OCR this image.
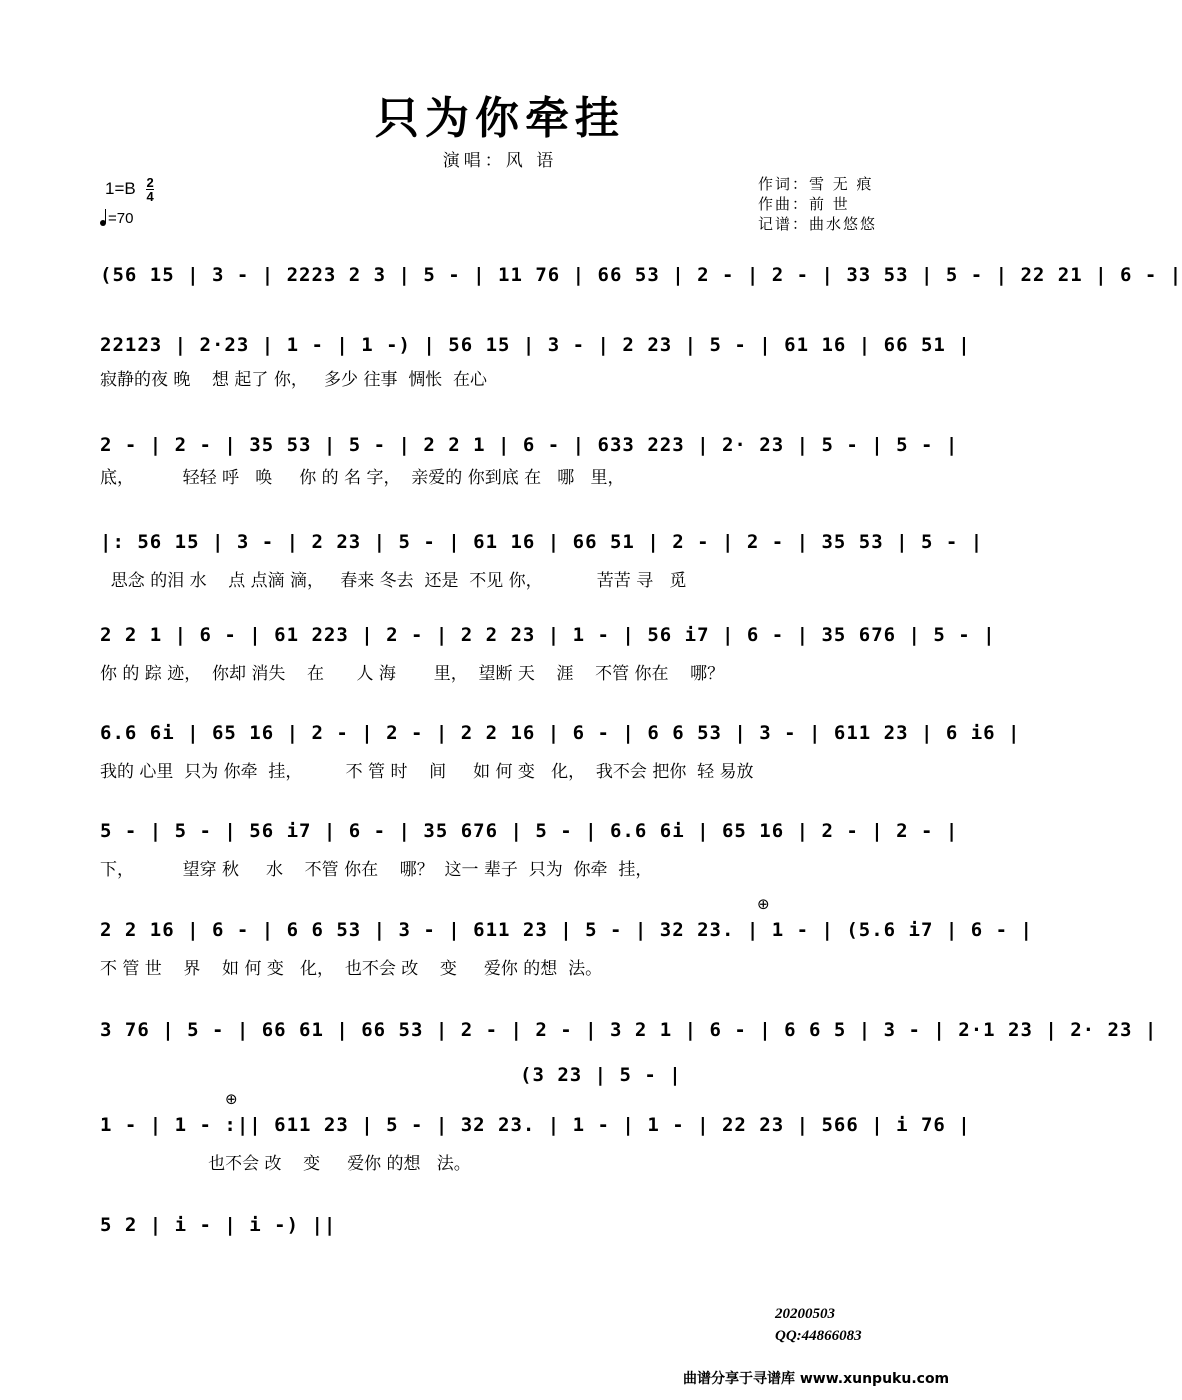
只为你牵挂
演唱：风 语
$1=B \frac{2}{4}$
=70
作词：雪 无 痕
作曲：前 世
记谱：曲水悠悠
(56 15 | 3 - | 2223 2 3 | 5 - | 11 76 | 66 53 | 2 - | 2 - | 33 53 | 5 - | 22 21 | 6 - |
22123 | 2·23 | 1 - | 1 -) | 56 15 | 3 - | 2 23 | 5 - | 61 16 | 66 51 |
寂静的夜 晚    想 起了 你，   多少 往事  惆怅  在心
2 - | 2 - | 35 53 | 5 - | 2 2 1 | 6 - | 633 223 | 2· 23 | 5 - | 5 - |
底，         轻轻 呼   唤     你 的 名 字，  亲爱的 你到底 在   哪   里，
|: 56 15 | 3 - | 2 23 | 5 - | 61 16 | 66 51 | 2 - | 2 - | 35 53 | 5 - |
思念 的泪 水    点 点滴 滴，   春来 冬去  还是  不见 你，          苦苦 寻   觅
2 2 1 | 6 - | 61 223 | 2 - | 2 2 23 | 1 - | 56 i7 | 6 - | 35 676 | 5 - |
你 的 踪 迹，  你却 消失    在      人 海       里，  望断 天    涯    不管 你在    哪？
6.6 6i | 65 16 | 2 - | 2 - | 2 2 16 | 6 - | 6 6 53 | 3 - | 611 23 | 6 i6 |
我的 心里  只为 你牵  挂，        不 管 时    间     如 何 变   化，  我不会 把你  轻 易放
5 - | 5 - | 56 i7 | 6 - | 35 676 | 5 - | 6.6 6i | 65 16 | 2 - | 2 - |
下，         望穿 秋     水    不管 你在    哪？  这一 辈子  只为  你牵  挂，
2 2 16 | 6 - | 6 6 53 | 3 - | 611 23 | 5 - | 32 23. | 1 - | (5.6 i7 | 6 - |
不 管 世    界    如 何 变   化，  也不会 改    变     爱你 的想  法。
⊕
3 76 | 5 - | 66 61 | 66 53 | 2 - | 2 - | 3 2 1 | 6 - | 6 6 5 | 3 - | 2·1 23 | 2· 23 |
(3 23 | 5 - |
1 - | 1 - :|| 611 23 | 5 - | 32 23. | 1 - | 1 - | 22 23 | 566 | i 76 |
也不会 改    变     爱你 的想   法。
⊕
5 2 | i - | i -) ||
20200503
QQ:44866083
曲谱分享于寻谱库 www.xunpuku.com
